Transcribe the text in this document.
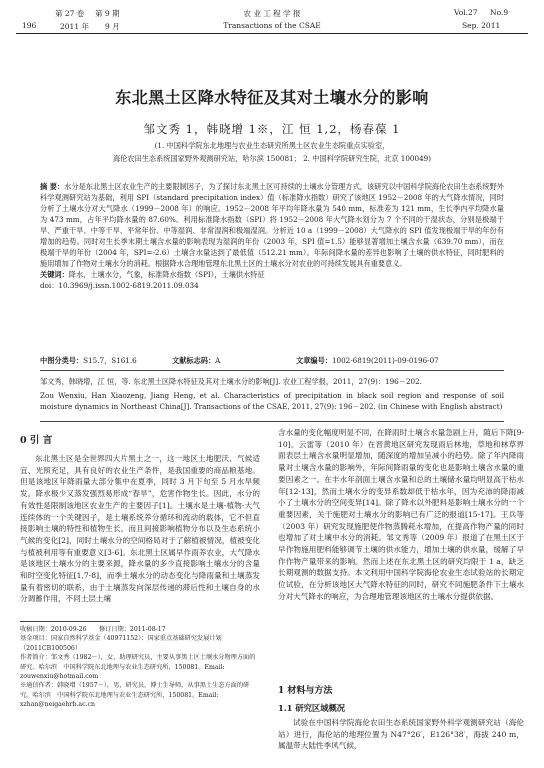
第 27 卷 第 9 期	农 业 工 程 学 报	Vol.27 No.9
196	2011 年 9 月	Transactions of the CSAE	Sep. 2011
东北黑土区降水特征及其对土壤水分的影响
邹文秀 1，韩晓增 1※，江 恒 1,2，杨春葆 1
(1. 中国科学院东北地理与农业生态研究所黑土区农业生态院重点实验室，
海伦农田生态系统国家野外观测研究站，哈尔滨 150081； 2. 中国科学院研究生院，北京 100049)
摘 要：水分是东北黑土区农业生产的主要限制因子，为了探讨东北黑土区可持续的土壤水分管理方式，该研究以中国科学院海伦农田生态系统野外科学观测研究站为基础，利用 SPI（standard precipitation index）值（标准降水指数）研究了该地区 1952－2008 年的大气降水情况，同时分析了土壤水分对大气降水（1999－2008 年）的响应。1952－2008 年平均年降水量为 540 mm，标准差为 121 mm，生长季内平均降水量为 473 mm，占年平均降水量的 87.60%。利用标准降水指数（SPI）将 1952－2008 年大气降水划分为 7 个不同的干湿状态，分别是极端干旱、严重干旱、中等干旱、平常年份、中等湿润、非常湿润和极端湿润。分析近 10 a（1999－2008）大气降水的 SPI 值发现极端干旱的年份有增加的趋势。同时对生长季末期土壤含水量的影响表现为湿润的年份（2003 年，SPI 值=1.5）能够显著增加土壤含水量（639.70 mm），而在极端干旱的年份（2004 年，SPI=-2.6）土壤含水量达到了最低值（512.21 mm）。年际间降水量的差异也影响了土壤的供水特征，同时肥料的施用增加了作物对土壤水分的消耗。根据降水合理地管理东北黑土区的土壤水分对农业的可持续发展具有重要意义。
关键词：降水，土壤水分，气象，标准降水指数（SPI），土壤供水特征
doi：10.3969/j.issn.1002-6819.2011.09.034
中图分类号：S15.7，S161.6	文献标志码：A	文章编号：1002-6819(2011)-09-0196-07
邹文秀，韩晓增，江 恒，等. 东北黑土区降水特征及其对土壤水分的影响[J]. 农业工程学报，2011，27(9)：196－202.
Zou Wenxiu, Han Xiaozeng, Jiang Heng, et al. Characteristics of precipitation in black soil region and response of soil moisture dynamics in Northeast China[J]. Transactions of the CSAE, 2011, 27(9): 196－202. (in Chinese with English abstract)
0 引 言
东北黑土区是全世界四大片黑土之一，这一地区土地肥沃、气候适宜、光照充足，具有良好的农业生产条件，是我国重要的商品粮基地。但是该地区年降雨量大部分集中在夏季，同时 3 月下旬至 5 月水旱频发，降水极少又蒸发强烈易形成“春旱”，危害作物生长。因此，水分的有效性是限制该地区农业生产的主要因子[1]。土壤水是土壤-植物-大气连续体的一个关键因子，是土壤系统养分循环和流动的载体，它不但直接影响土壤的特性和植物生长，而且间接影响植物分布以及生态系统小气候的变化[2]，同时土壤水分的空间格局对于了解植被情况，植被变化与植被利用等有重要意义[3-6]。东北黑土区属早作雨养农业，大气降水是该地区土壤水分的主要来源，降水量的多少直接影响土壤水分的含量和时空变化特征[1,7-8]，而季土壤水分的动态变化与降雨量和土壤蒸发量有着密切的联系，由于土壤蒸发向深层传递的滞后性和土壤自身的水分调蓄作用，不同土层土壤
收稿日期：2010-09-26　　修订日期：2011-08-17
基金项目：国家自然科学基金（40971152）；国家重点基础研究发展计划（2011CB100506）
作者简介：邹文秀（1982－），女，助理研究员，主要从事黑土区土壤水分物理方面的研究。哈尔滨　中国科学院东北地理与农业生态研究所，150081。Email: zouwenxiu@hotmail.com
※通信作者：韩晓增（1957－），男，研究员，博士生导师，从事黑土生态方面的研究。哈尔滨　中国科学院东北地理与农业生态研究所，150081。Email: xzhan@neigaehrb.ac.cn
含水量的变化幅度明显不同，在降雨时土壤含水量急剧上升，随后下降[9-10]。云雷等（2010 年）在晋黄地区研究发现雨后林地，草地和林草界面表层土壤含水量明显增加，随深度的增加呈减小的趋势。除了年内降雨量对土壤含水量的影响外，年际间降雨量的变化也是影响土壤含水量的重要因素之一。在丰水年剖面土壤含水量和总的土壤储水量均明显高于枯水年[12-13]，然而土壤水分的变异系数却低于枯水年，因为充沛的降雨减小了土壤水分的空间变异[14]。除了降水以外肥料是影响土壤水分的一个重要因素，关于施肥对土壤水分的影响已有广泛的报道[15-17]。王兵等（2003 年）研究发现施肥使作物蒸腾耗水增加，在提高作物产量的同时也增加了对土壤中水分的消耗。邹文秀等（2009 年）报道了在黑土区于早作物施用肥料能够调节土壤的供水能力，增加土壤的供水量，缓解了早作作物产量带来的影响。然而上述在东北黑土区的研究均限于 1 a，缺乏长期观测的数据支持。本文利用中国科学院海伦农业生态试验站的长期定位试验，在分析该地区大气降水特征的同时，研究不同施肥条件下土壤水分对大气降水的响应，为合理地管理该地区的土壤水分提供依据。
1 材料与方法
1.1 研究区域概况
试验在中国科学院海伦农田生态系统国家野外科学观测研究站（海伦站）进行，海伦站的地理位置为 N47°26′，E126°38′，海拔 240 m，属温带大陆性季风气候，
